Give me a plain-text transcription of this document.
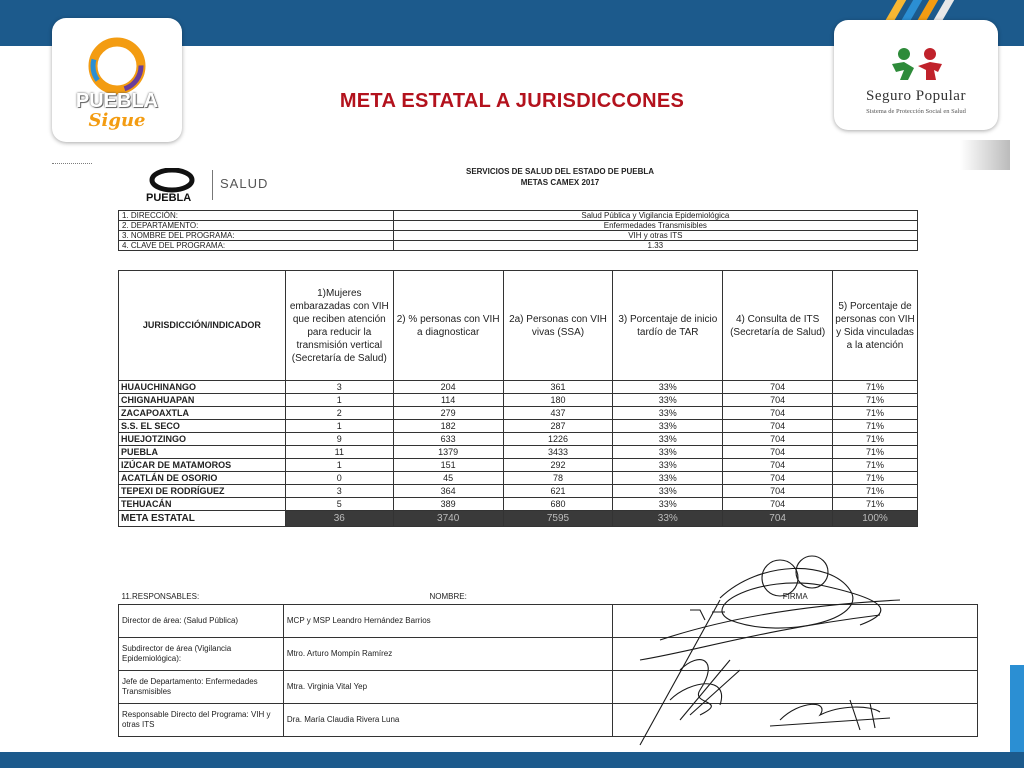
PUEBLA
Sigue
Seguro Popular
Sistema de Protección Social en Salud
META ESTATAL A JURISDICCONES
SERVICIOS DE SALUD DEL ESTADO DE PUEBLA
METAS CAMEX 2017
PUEBLA
SALUD
1. DIRECCIÓN:	Salud Pública y Vigilancia Epidemiológica
2. DEPARTAMENTO:	Enfermedades Transmisibles
3. NOMBRE DEL PROGRAMA:	VIH y otras ITS
4. CLAVE DEL PROGRAMA:	1.33
JURISDICCIÓN/INDICADOR	1)Mujeres embarazadas con VIH que reciben atención para reducir la transmisión vertical (Secretaría de Salud)	2) % personas con VIH a diagnosticar	2a) Personas con VIH vivas (SSA)	3) Porcentaje de inicio tardío de TAR	4) Consulta de ITS (Secretaría de Salud)	5) Porcentaje de personas con VIH y Sida vinculadas a la atención
HUAUCHINANGO	3	204	361	33%	704	71%
CHIGNAHUAPAN	1	114	180	33%	704	71%
ZACAPOAXTLA	2	279	437	33%	704	71%
S.S. EL SECO	1	182	287	33%	704	71%
HUEJOTZINGO	9	633	1226	33%	704	71%
PUEBLA	11	1379	3433	33%	704	71%
IZÚCAR DE MATAMOROS	1	151	292	33%	704	71%
ACATLÁN DE OSORIO	0	45	78	33%	704	71%
TEPEXI DE RODRÍGUEZ	3	364	621	33%	704	71%
TEHUACÁN	5	389	680	33%	704	71%
META ESTATAL	36	3740	7595	33%	704	100%
11.RESPONSABLES:	NOMBRE:	FIRMA
Director de área: (Salud Pública)	MCP y MSP Leandro Hernández Barrios	
Subdirector de área (Vigilancia Epidemiológica):	Mtro. Arturo Mompín Ramírez	
Jefe de Departamento: Enfermedades Transmisibles	Mtra. Virginia Vital Yep	
Responsable Directo del Programa: VIH y otras ITS	Dra. María Claudia Rivera Luna	
